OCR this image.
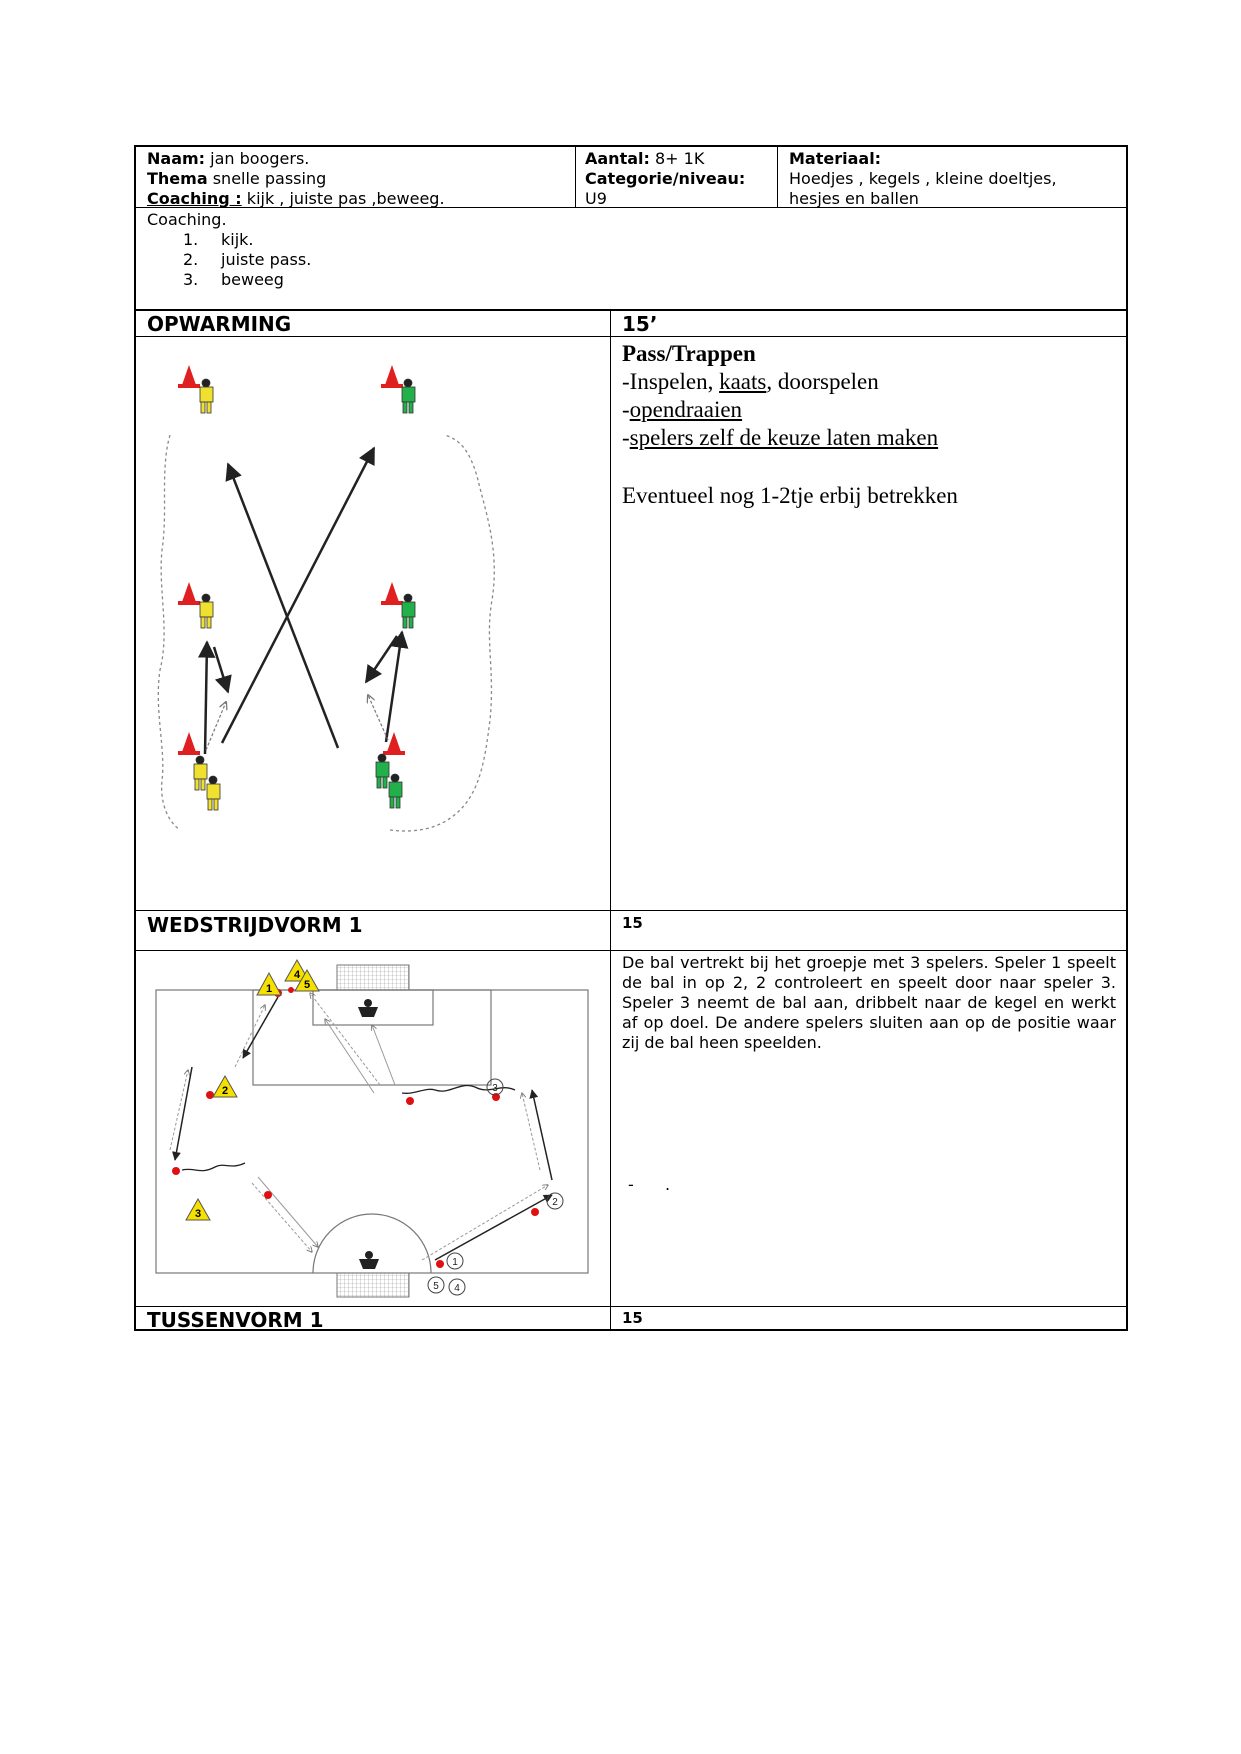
Naam: jan boogers.
Thema snelle passing
Coaching : kijk , juiste pas ,beweeg.
Aantal: 8+ 1K
Categorie/niveau:
U9
Materiaal:
Hoedjes , kegels , kleine doeltjes,
hesjes en ballen
Coaching.
1. kijk.
2. juiste pass.
3. beweeg
OPWARMING	15’
Pass/Trappen
-Inspelen, kaats, doorspelen
-opendraaien
-spelers zelf de keuze laten maken
Eventueel nog 1-2tje erbij betrekken
WEDSTRIJDVORM 1	15
De bal vertrekt bij het groepje met 3 spelers. Speler 1 speelt de bal in op 2, 2 controleert en speelt door naar speler 3. Speler 3 neemt de bal aan, dribbelt naar de kegel en werkt af op doel. De andere spelers sluiten aan op de positie waar zij de bal heen speelden.
- .
1
2
3
4
5
3
2
1
5 4
TUSSENVORM 1	15
